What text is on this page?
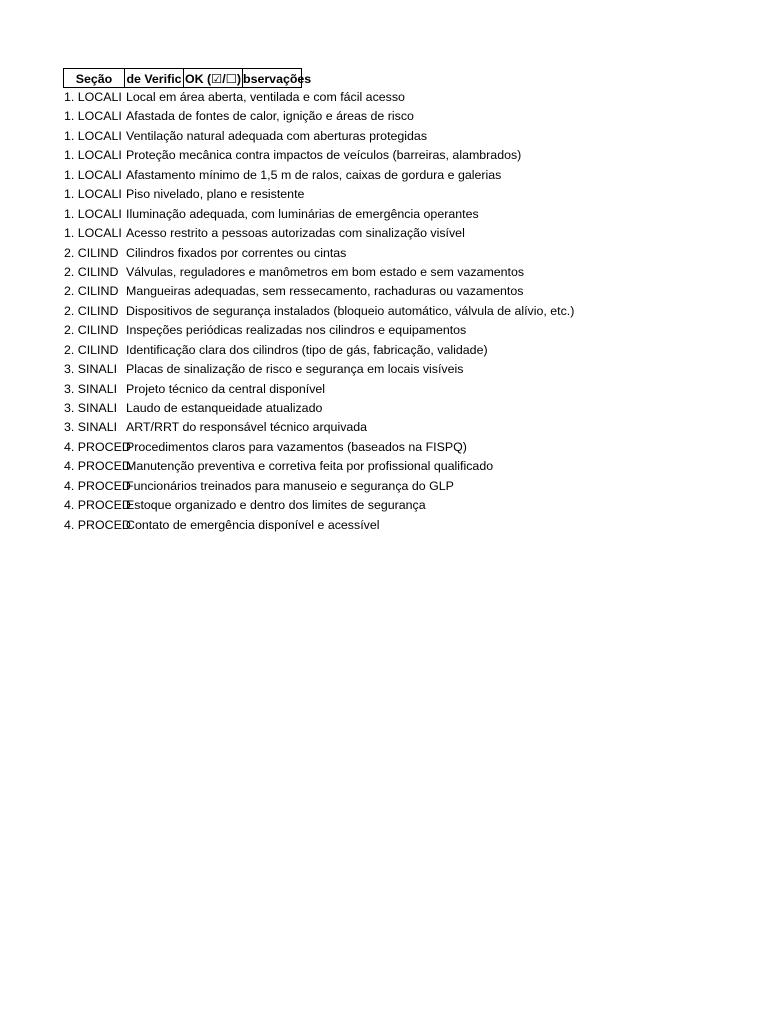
Seção	de Verific OK (☑/☐) bservações
1. LOCALI Local em área aberta, ventilada e com fácil acesso
1. LOCALI Afastada de fontes de calor, ignição e áreas de risco
1. LOCALI Ventilação natural adequada com aberturas protegidas
1. LOCALI Proteção mecânica contra impactos de veículos (barreiras, alambrados)
1. LOCALI Afastamento mínimo de 1,5 m de ralos, caixas de gordura e galerias
1. LOCALI Piso nivelado, plano e resistente
1. LOCALI Iluminação adequada, com luminárias de emergência operantes
1. LOCALI Acesso restrito a pessoas autorizadas com sinalização visível
2. CILIND Cilindros fixados por correntes ou cintas
2. CILIND Válvulas, reguladores e manômetros em bom estado e sem vazamentos
2. CILIND Mangueiras adequadas, sem ressecamento, rachaduras ou vazamentos
2. CILIND Dispositivos de segurança instalados (bloqueio automático, válvula de alívio, etc.)
2. CILIND Inspeções periódicas realizadas nos cilindros e equipamentos
2. CILIND Identificação clara dos cilindros (tipo de gás, fabricação, validade)
3. SINALI Placas de sinalização de risco e segurança em locais visíveis
3. SINALI Projeto técnico da central disponível
3. SINALI Laudo de estanqueidade atualizado
3. SINALI ART/RRT do responsável técnico arquivada
4. PROCED
Procedimentos claros para vazamentos (baseados na FISPQ)
4. PROCED
Manutenção preventiva e corretiva feita por profissional qualificado
4. PROCED
Funcionários treinados para manuseio e segurança do GLP
4. PROCED
Estoque organizado e dentro dos limites de segurança
4. PROCED
Contato de emergência disponível e acessível
